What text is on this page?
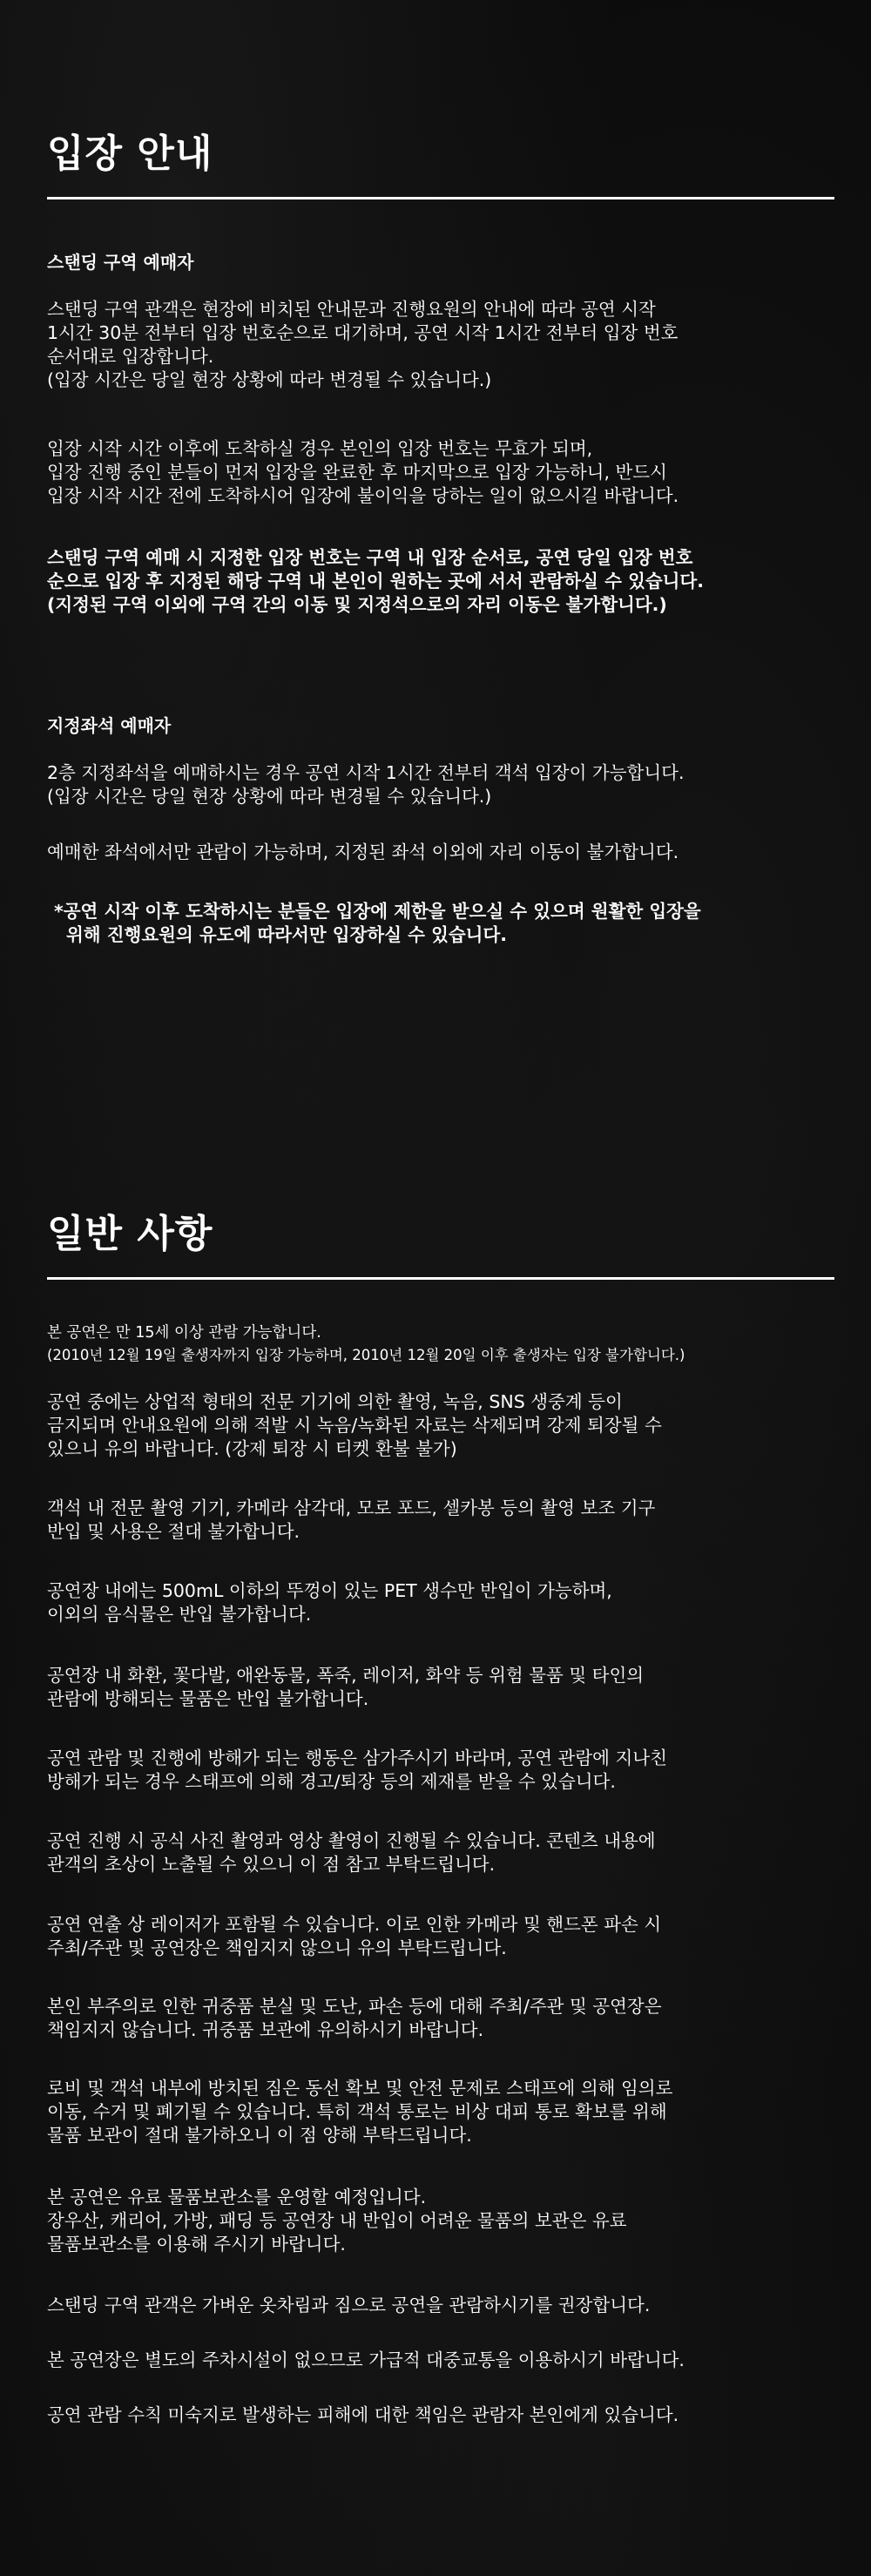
입장 안내
스탠딩 구역 예매자

스탠딩 구역 관객은 현장에 비치된 안내문과 진행요원의 안내에 따라 공연 시작
1시간 30분 전부터 입장 번호순으로 대기하며, 공연 시작 1시간 전부터 입장 번호
순서대로 입장합니다.
(입장 시간은 당일 현장 상황에 따라 변경될 수 있습니다.)

입장 시작 시간 이후에 도착하실 경우 본인의 입장 번호는 무효가 되며,
입장 진행 중인 분들이 먼저 입장을 완료한 후 마지막으로 입장 가능하니, 반드시
입장 시작 시간 전에 도착하시어 입장에 불이익을 당하는 일이 없으시길 바랍니다.

스탠딩 구역 예매 시 지정한 입장 번호는 구역 내 입장 순서로, 공연 당일 입장 번호
순으로 입장 후 지정된 해당 구역 내 본인이 원하는 곳에 서서 관람하실 수 있습니다.
(지정된 구역 이외에 구역 간의 이동 및 지정석으로의 자리 이동은 불가합니다.)

지정좌석 예매자

2층 지정좌석을 예매하시는 경우 공연 시작 1시간 전부터 객석 입장이 가능합니다.
(입장 시간은 당일 현장 상황에 따라 변경될 수 있습니다.)

예매한 좌석에서만 관람이 가능하며, 지정된 좌석 이외에 자리 이동이 불가합니다.

*공연 시작 이후 도착하시는 분들은 입장에 제한을 받으실 수 있으며 원활한 입장을
위해 진행요원의 유도에 따라서만 입장하실 수 있습니다.

일반 사항

본 공연은 만 15세 이상 관람 가능합니다.

(2010년 12월 19일 출생자까지 입장 가능하며, 2010년 12월 20일 이후 출생자는 입장 불가합니다.)

공연 중에는 상업적 형태의 전문 기기에 의한 촬영, 녹음, SNS 생중계 등이
금지되며 안내요원에 의해 적발 시 녹음/녹화된 자료는 삭제되며 강제 퇴장될 수
있으니 유의 바랍니다. (강제 퇴장 시 티켓 환불 불가)

객석 내 전문 촬영 기기, 카메라 삼각대, 모로 포드, 셀카봉 등의 촬영 보조 기구
반입 및 사용은 절대 불가합니다.

공연장 내에는 500mL 이하의 뚜껑이 있는 PET 생수만 반입이 가능하며,
이외의 음식물은 반입 불가합니다.

공연장 내 화환, 꽃다발, 애완동물, 폭죽, 레이저, 화약 등 위험 물품 및 타인의
관람에 방해되는 물품은 반입 불가합니다.

공연 관람 및 진행에 방해가 되는 행동은 삼가주시기 바라며, 공연 관람에 지나친
방해가 되는 경우 스태프에 의해 경고/퇴장 등의 제재를 받을 수 있습니다.

공연 진행 시 공식 사진 촬영과 영상 촬영이 진행될 수 있습니다. 콘텐츠 내용에
관객의 초상이 노출될 수 있으니 이 점 참고 부탁드립니다.

공연 연출 상 레이저가 포함될 수 있습니다. 이로 인한 카메라 및 핸드폰 파손 시
주최/주관 및 공연장은 책임지지 않으니 유의 부탁드립니다.

본인 부주의로 인한 귀중품 분실 및 도난, 파손 등에 대해 주최/주관 및 공연장은
책임지지 않습니다. 귀중품 보관에 유의하시기 바랍니다.

로비 및 객석 내부에 방치된 짐은 동선 확보 및 안전 문제로 스태프에 의해 임의로
이동, 수거 및 폐기될 수 있습니다. 특히 객석 통로는 비상 대피 통로 확보를 위해
물품 보관이 절대 불가하오니 이 점 양해 부탁드립니다.

본 공연은 유료 물품보관소를 운영할 예정입니다.
장우산, 캐리어, 가방, 패딩 등 공연장 내 반입이 어려운 물품의 보관은 유료
물품보관소를 이용해 주시기 바랍니다.

스탠딩 구역 관객은 가벼운 옷차림과 짐으로 공연을 관람하시기를 권장합니다.

본 공연장은 별도의 주차시설이 없으므로 가급적 대중교통을 이용하시기 바랍니다.

공연 관람 수칙 미숙지로 발생하는 피해에 대한 책임은 관람자 본인에게 있습니다.
